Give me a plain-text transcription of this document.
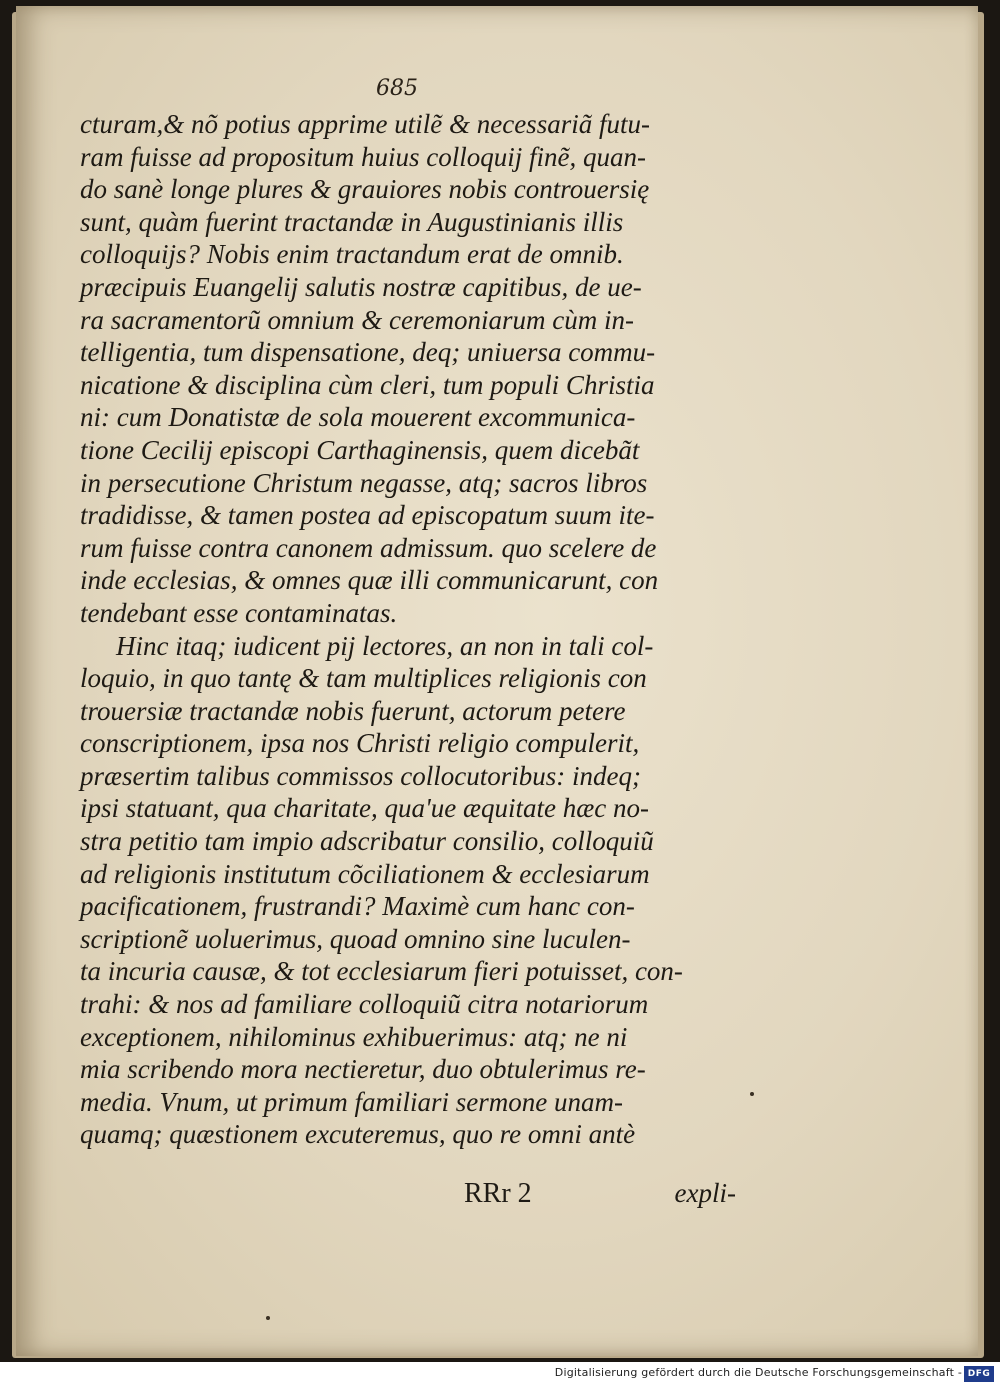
685
cturam,& nõ potius apprime utilẽ & necessariã futu-
ram fuisse ad propositum huius colloquij finẽ, quan-
do sanè longe plures & grauiores nobis controuersię
sunt, quàm fuerint tractandæ in Augustinianis illis
colloquijs? Nobis enim tractandum erat de omnib.
præcipuis Euangelij salutis nostræ capitibus, de ue-
ra sacramentorũ omnium & ceremoniarum cùm in-
telligentia, tum dispensatione, deq; uniuersa commu-
nicatione & disciplina cùm cleri, tum populi Christia
ni: cum Donatistæ de sola mouerent excommunica-
tione Cecilij episcopi Carthaginensis, quem dicebãt
in persecutione Christum negasse, atq; sacros libros
tradidisse, & tamen postea ad episcopatum suum ite-
rum fuisse contra canonem admissum. quo scelere de
inde ecclesias, & omnes quæ illi communicarunt, con
tendebant esse contaminatas.
Hinc itaq; iudicent pij lectores, an non in tali col-
loquio, in quo tantę & tam multiplices religionis con
trouersiæ tractandæ nobis fuerunt, actorum petere
conscriptionem, ipsa nos Christi religio compulerit,
præsertim talibus commissos collocutoribus: indeq;
ipsi statuant, qua charitate, qua'ue æquitate hæc no-
stra petitio tam impio adscribatur consilio, colloquiũ
ad religionis institutum cõciliationem & ecclesiarum
pacificationem, frustrandi? Maximè cum hanc con-
scriptionẽ uoluerimus, quoad omnino sine luculen-
ta incuria causæ, & tot ecclesiarum fieri potuisset, con-
trahi: & nos ad familiare colloquiũ citra notariorum
exceptionem, nihilominus exhibuerimus: atq; ne ni
mia scribendo mora nectieretur, duo obtulerimus re-
media. Vnum, ut primum familiari sermone unam-
quamq; quæstionem excuteremus, quo re omni antè
RRr 2	expli-
Digitalisierung gefördert durch die Deutsche Forschungsgemeinschaft - DFG
